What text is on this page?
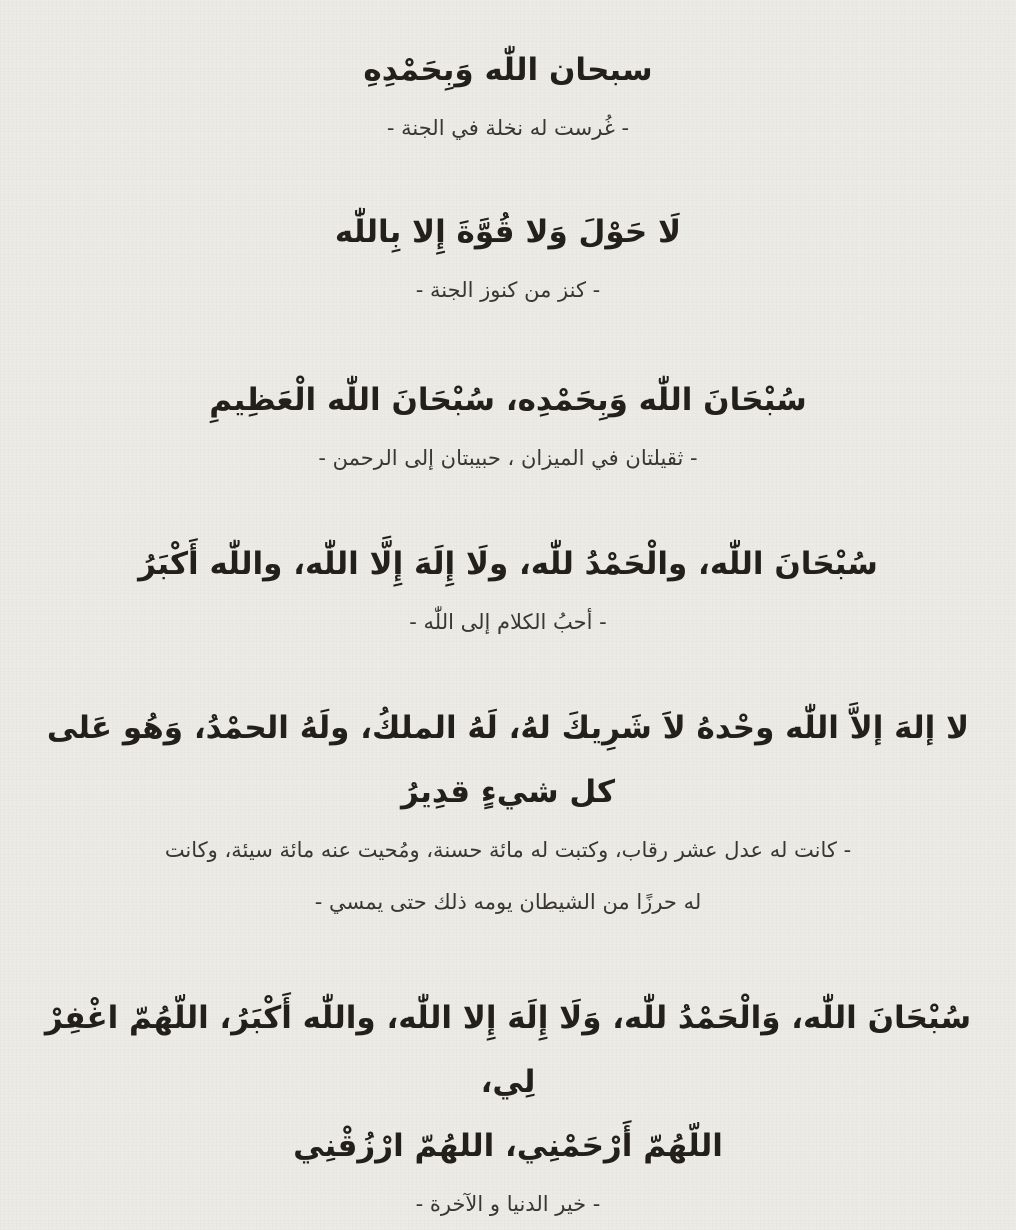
سبحان اللّٰه وَبِحَمْدِهِ

- غُرست له نخلة في الجنة -

لَا حَوْلَ وَلا قُوَّةَ إِلا بِاللّٰه

- كنز من كنوز الجنة -

سُبْحَانَ اللّٰه وَبِحَمْدِه، سُبْحَانَ اللّٰه الْعَظِيمِ

- ثقيلتان في الميزان ، حبيبتان إلى الرحمن -

سُبْحَانَ اللّٰه، والْحَمْدُ للّٰه، ولَا إِلَهَ إِلَّا اللّٰه، واللّٰه أَكْبَرُ

- أحبُ الكلام إلى اللّٰه -

لا إلهَ إلاَّ اللّٰه وحْدهُ لاَ شَرِيكَ لهُ، لَهُ الملكُ، ولَهُ الحمْدُ، وَهُو عَلى

كل شيءٍ قدِيرُ

- كانت له عدل عشر رقاب، وكتبت له مائة حسنة، ومُحيت عنه مائة سيئة، وكانت

له حرزًا من الشيطان يومه ذلك حتى يمسي -

سُبْحَانَ اللّٰه، وَالْحَمْدُ للّٰه، وَلَا إِلَهَ إِلا اللّٰه، واللّٰه أَكْبَرُ، اللّهُمّ اغْفِرْ لِي،

اللّهُمّ أَرْحَمْنِي، اللهُمّ ارْزُقْنِي

- خير الدنيا و الآخرة -
